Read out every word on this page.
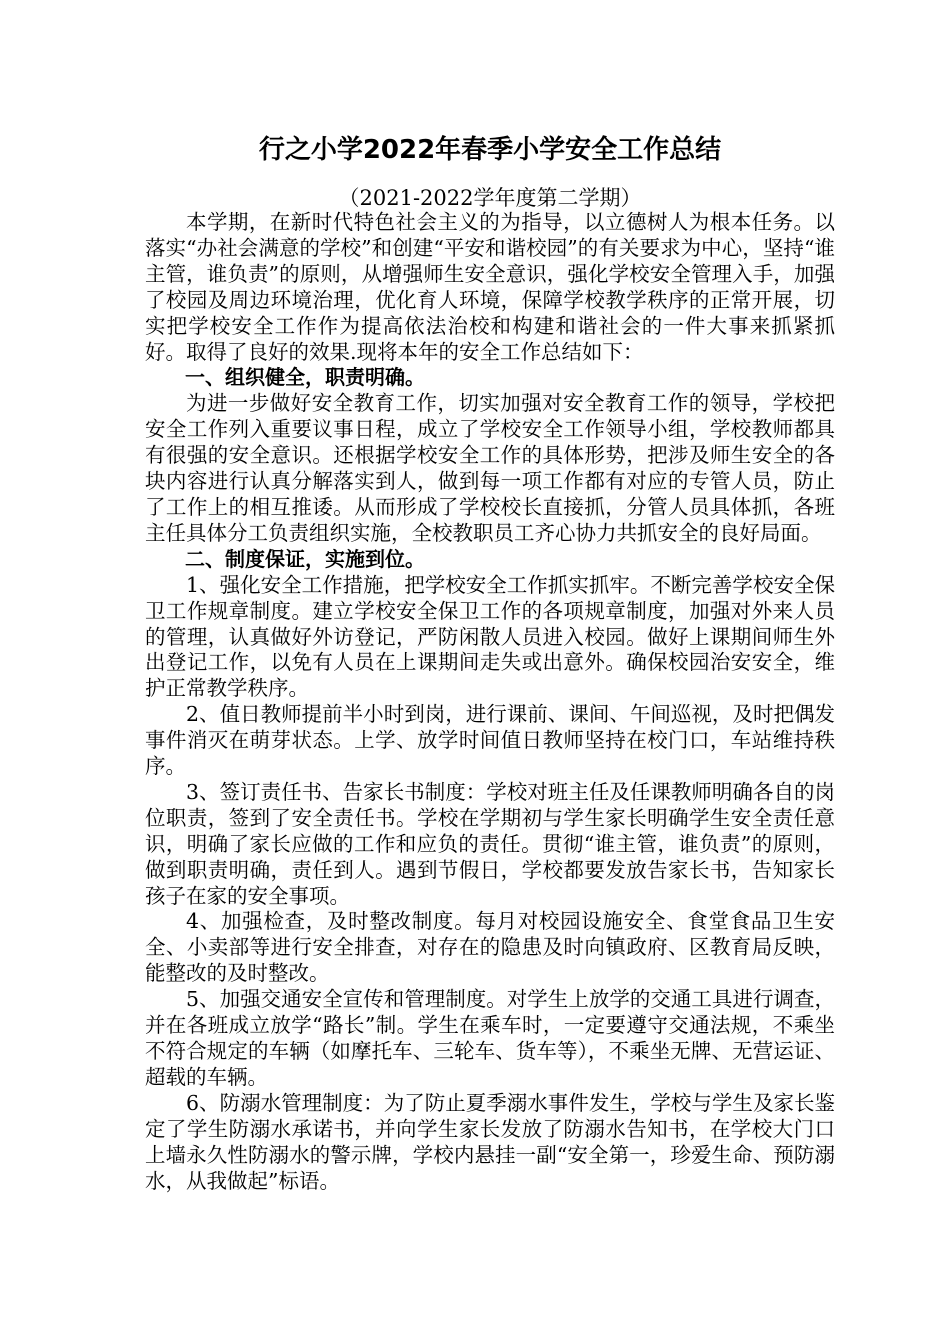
行之小学2022年春季小学安全工作总结

（2021-2022学年度第二学期）

本学期，在新时代特色社会主义的为指导，以立德树人为根本任务。以落实“办社会满意的学校”和创建“平安和谐校园”的有关要求为中心，坚持“谁主管，谁负责”的原则，从增强师生安全意识，强化学校安全管理入手，加强了校园及周边环境治理，优化育人环境，保障学校教学秩序的正常开展，切实把学校安全工作作为提高依法治校和构建和谐社会的一件大事来抓紧抓好。取得了良好的效果.现将本年的安全工作总结如下：

一、组织健全，职责明确。

为进一步做好安全教育工作，切实加强对安全教育工作的领导，学校把安全工作列入重要议事日程，成立了学校安全工作领导小组，学校教师都具有很强的安全意识。还根据学校安全工作的具体形势，把涉及师生安全的各块内容进行认真分解落实到人，做到每一项工作都有对应的专管人员，防止了工作上的相互推诿。从而形成了学校校长直接抓，分管人员具体抓，各班主任具体分工负责组织实施，全校教职员工齐心协力共抓安全的良好局面。

二、制度保证，实施到位。

1、强化安全工作措施，把学校安全工作抓实抓牢。不断完善学校安全保卫工作规章制度。建立学校安全保卫工作的各项规章制度，加强对外来人员的管理，认真做好外访登记，严防闲散人员进入校园。做好上课期间师生外出登记工作，以免有人员在上课期间走失或出意外。确保校园治安安全，维护正常教学秩序。

2、值日教师提前半小时到岗，进行课前、课间、午间巡视，及时把偶发事件消灭在萌芽状态。上学、放学时间值日教师坚持在校门口，车站维持秩序。

3、签订责任书、告家长书制度：学校对班主任及任课教师明确各自的岗位职责，签到了安全责任书。学校在学期初与学生家长明确学生安全责任意识，明确了家长应做的工作和应负的责任。贯彻“谁主管，谁负责”的原则，做到职责明确，责任到人。遇到节假日，学校都要发放告家长书，告知家长孩子在家的安全事项。

4、加强检查，及时整改制度。每月对校园设施安全、食堂食品卫生安全、小卖部等进行安全排查，对存在的隐患及时向镇政府、区教育局反映，能整改的及时整改。

5、加强交通安全宣传和管理制度。对学生上放学的交通工具进行调查，并在各班成立放学“路长”制。学生在乘车时，一定要遵守交通法规，不乘坐不符合规定的车辆（如摩托车、三轮车、货车等），不乘坐无牌、无营运证、超载的车辆。

6、防溺水管理制度：为了防止夏季溺水事件发生，学校与学生及家长鉴定了学生防溺水承诺书，并向学生家长发放了防溺水告知书，在学校大门口上墙永久性防溺水的警示牌，学校内悬挂一副“安全第一，珍爱生命、预防溺水，从我做起”标语。
